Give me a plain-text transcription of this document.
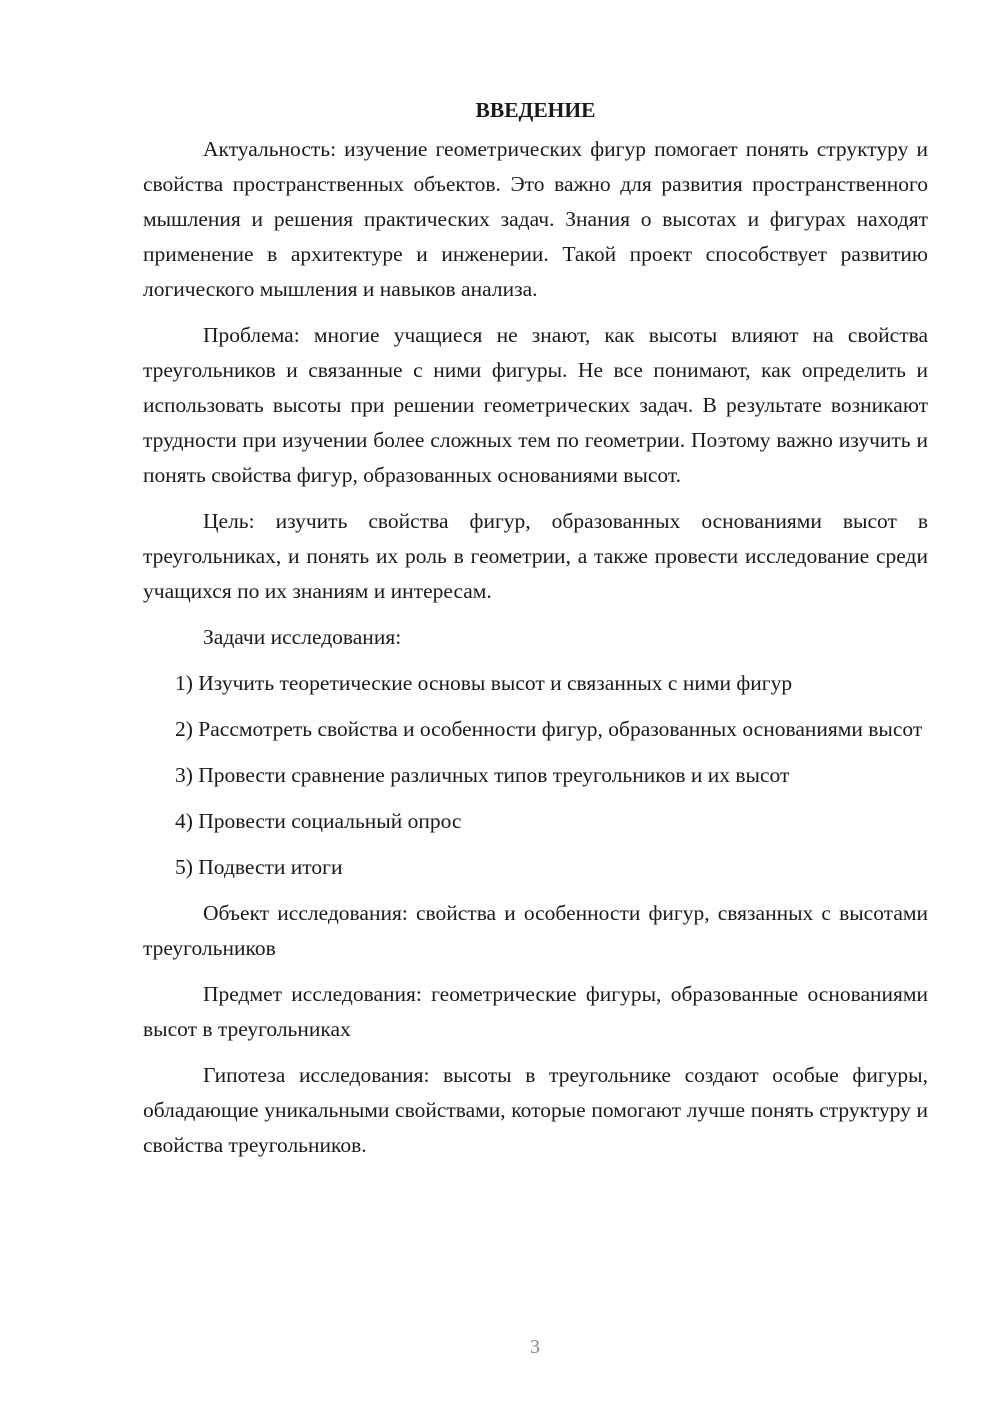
ВВЕДЕНИЕ

Актуальность: изучение геометрических фигур помогает понять структуру и свойства пространственных объектов. Это важно для развития пространственного мышления и решения практических задач. Знания о высотах и фигурах находят применение в архитектуре и инженерии. Такой проект способствует развитию логического мышления и навыков анализа.

Проблема: многие учащиеся не знают, как высоты влияют на свойства треугольников и связанные с ними фигуры. Не все понимают, как определить и использовать высоты при решении геометрических задач. В результате возникают трудности при изучении более сложных тем по геометрии. Поэтому важно изучить и понять свойства фигур, образованных основаниями высот.

Цель: изучить свойства фигур, образованных основаниями высот в треугольниках, и понять их роль в геометрии, а также провести исследование среди учащихся по их знаниям и интересам.

Задачи исследования:

1) Изучить теоретические основы высот и связанных с ними фигур

2) Рассмотреть свойства и особенности фигур, образованных основаниями высот

3) Провести сравнение различных типов треугольников и их высот

4) Провести социальный опрос

5) Подвести итоги

Объект исследования: свойства и особенности фигур, связанных с высотами треугольников

Предмет исследования: геометрические фигуры, образованные основаниями высот в треугольниках

Гипотеза исследования: высоты в треугольнике создают особые фигуры, обладающие уникальными свойствами, которые помогают лучше понять структуру и свойства треугольников.

3
